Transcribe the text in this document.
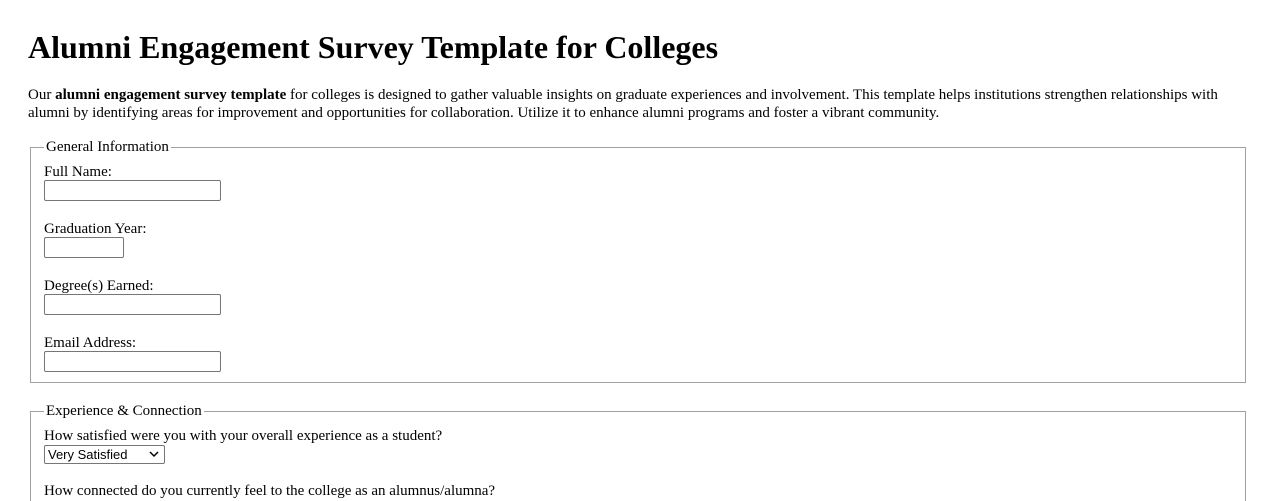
Alumni Engagement Survey Template for Colleges

Our alumni engagement survey template for colleges is designed to gather valuable insights on graduate experiences and involvement. This template helps institutions strengthen relationships with alumni by identifying areas for improvement and opportunities for collaboration. Utilize it to enhance alumni programs and foster a vibrant community.

General Information
Full Name:
Graduation Year:
Degree(s) Earned:
Email Address:
Experience & Connection
How satisfied were you with your overall experience as a student?
Very Satisfied
How connected do you currently feel to the college as an alumnus/alumna?
